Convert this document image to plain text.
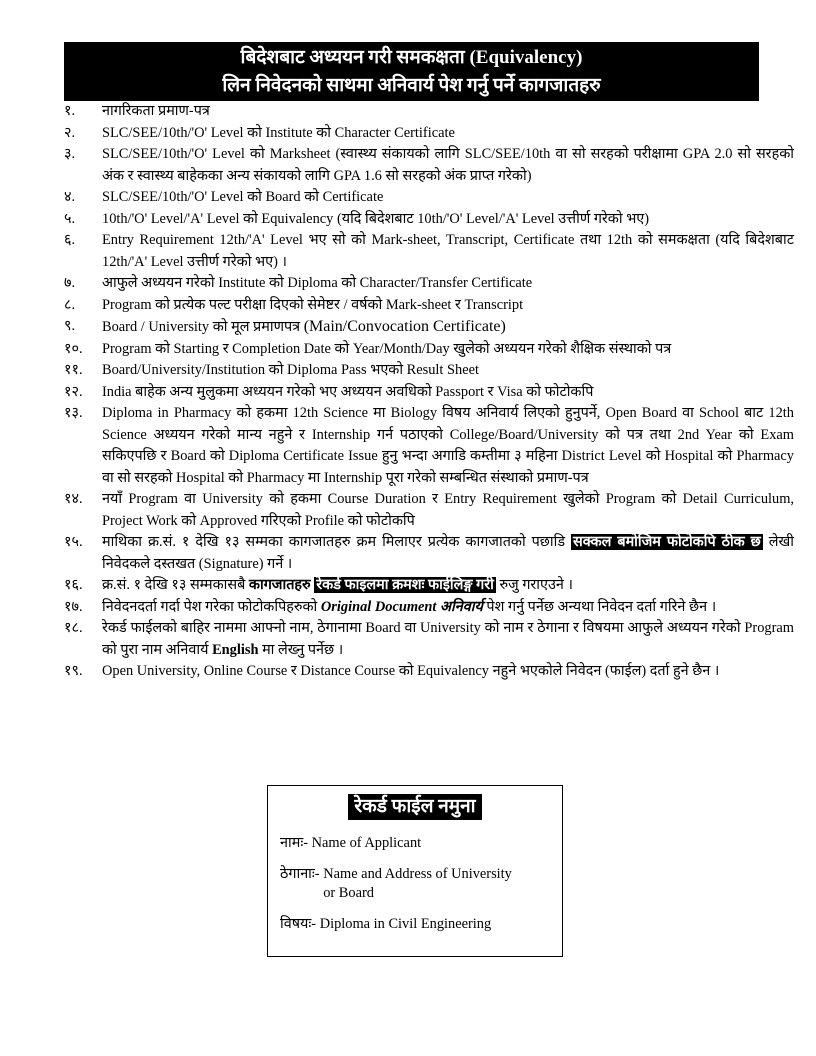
बिदेशबाट अध्ययन गरी समकक्षता (Equivalency)
लिन निवेदनको साथमा अनिवार्य पेश गर्नु पर्ने कागजातहरु
१.	नागरिकता प्रमाण-पत्र
२.	SLC/SEE/10th/'O' Level को Institute को Character Certificate
३.	SLC/SEE/10th/'O' Level को Marksheet (स्वास्थ्य संकायको लागि SLC/SEE/10th वा सो सरहको परीक्षामा GPA 2.0 सो सरहको अंक र स्वास्थ्य बाहेकका अन्य संकायको लागि GPA 1.6 सो सरहको अंक प्राप्त गरेको)
४.	SLC/SEE/10th/'O' Level को Board को Certificate
५.	10th/'O' Level/'A' Level को Equivalency (यदि बिदेशबाट 10th/'O' Level/'A' Level उत्तीर्ण गरेको भए)
६.	Entry Requirement 12th/'A' Level भए सो को Mark-sheet, Transcript, Certificate तथा 12th को समकक्षता (यदि बिदेशबाट 12th/'A' Level उत्तीर्ण गरेको भए) ।
७.	आफुले अध्ययन गरेको Institute को Diploma को Character/Transfer Certificate
८.	Program को प्रत्येक पल्ट परीक्षा दिएको सेमेष्टर / वर्षको Mark-sheet र Transcript
९.	Board / University को मूल प्रमाणपत्र (Main/Convocation Certificate)
१०.	Program को Starting र Completion Date को Year/Month/Day खुलेको अध्ययन गरेको शैक्षिक संस्थाको पत्र
११.	Board/University/Institution को Diploma Pass भएको Result Sheet
१२.	India बाहेक अन्य मुलुकमा अध्ययन गरेको भए अध्ययन अवधिको Passport र Visa को फोटोकपि
१३.	Diploma in Pharmacy को हकमा 12th Science मा Biology विषय अनिवार्य लिएको हुनुपर्ने, Open Board वा School बाट 12th Science अध्ययन गरेको मान्य नहुने र Internship गर्न पठाएको College/Board/University को पत्र तथा 2nd Year को Exam सकिएपछि र Board को Diploma Certificate Issue हुनु भन्दा अगाडि कम्तीमा ३ महिना District Level को Hospital को Pharmacy वा सो सरहको Hospital को Pharmacy मा Internship पूरा गरेको सम्बन्धित संस्थाको प्रमाण-पत्र
१४.	नयाँ Program वा University को हकमा Course Duration र Entry Requirement खुलेको Program को Detail Curriculum, Project Work को Approved गरिएको Profile को फोटोकपि
१५.	माथिका क्र.सं. १ देखि १३ सम्मका कागजातहरु क्रम मिलाएर प्रत्येक कागजातको पछाडि सक्कल बमोजिम फोटोकपि ठीक छ लेखी निवेदकले दस्तखत (Signature) गर्ने ।
१६.	क्र.सं. १ देखि १३ सम्मकासबै कागजातहरु रेकर्ड फाइलमा क्रमशः फाईलिङ्ग गरी रुजु गराएउने ।
१७.	निवेदनदर्ता गर्दा पेश गरेका फोटोकपिहरुको Original Document अनिवार्य पेश गर्नु पर्नेछ अन्यथा निवेदन दर्ता गरिने छैन ।
१८.	रेकर्ड फाईलको बाहिर नाममा आफ्नो नाम, ठेगानामा Board वा University को नाम र ठेगाना र विषयमा आफुले अध्ययन गरेको Program को पुरा नाम अनिवार्य English मा लेख्नु पर्नेछ ।
१९.	Open University, Online Course र Distance Course को Equivalency नहुने भएकोले निवेदन (फाईल) दर्ता हुने छैन ।
रेकर्ड फाईल नमुना
नामः-
Name of Applicant
ठेगानाः-
Name and Address of University
or Board
विषयः-
Diploma in Civil Engineering
